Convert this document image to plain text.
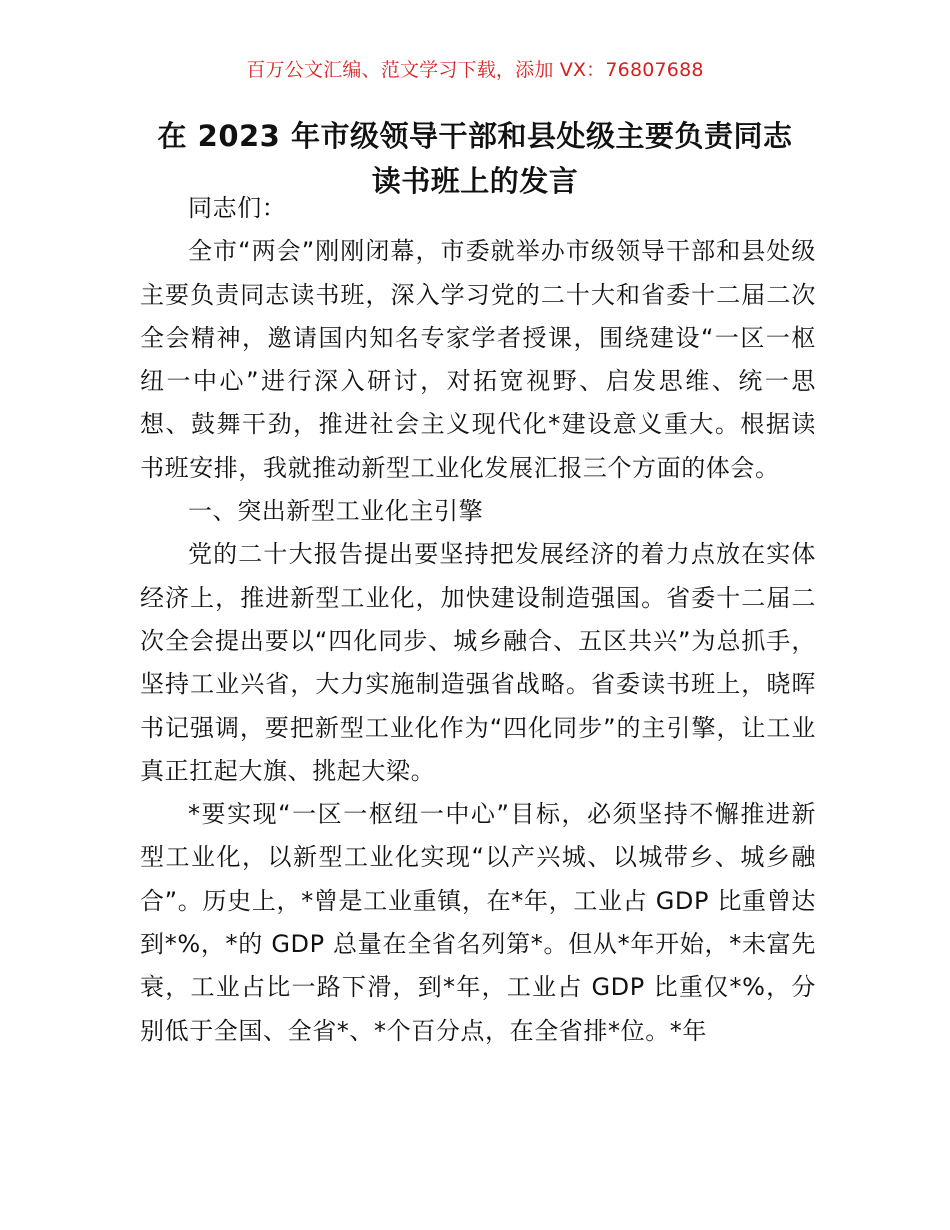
百万公文汇编、范文学习下载，添加 VX：76807688
在 2023 年市级领导干部和县处级主要负责同志
读书班上的发言

同志们：

全市“两会”刚刚闭幕，市委就举办市级领导干部和县处级主要负责同志读书班，深入学习党的二十大和省委十二届二次全会精神，邀请国内知名专家学者授课，围绕建设“一区一枢纽一中心”进行深入研讨，对拓宽视野、启发思维、统一思想、鼓舞干劲，推进社会主义现代化*建设意义重大。根据读书班安排，我就推动新型工业化发展汇报三个方面的体会。

一、突出新型工业化主引擎

党的二十大报告提出要坚持把发展经济的着力点放在实体经济上，推进新型工业化，加快建设制造强国。省委十二届二次全会提出要以“四化同步、城乡融合、五区共兴”为总抓手，坚持工业兴省，大力实施制造强省战略。省委读书班上，晓晖书记强调，要把新型工业化作为“四化同步”的主引擎，让工业真正扛起大旗、挑起大梁。

*要实现“一区一枢纽一中心”目标，必须坚持不懈推进新型工业化，以新型工业化实现“以产兴城、以城带乡、城乡融合”。历史上，*曾是工业重镇，在*年，工业占 GDP 比重曾达到*%，*的 GDP 总量在全省名列第*。但从*年开始，*未富先衰，工业占比一路下滑，到*年，工业占 GDP 比重仅*%，分别低于全国、全省*、*个百分点，在全省排*位。*年
